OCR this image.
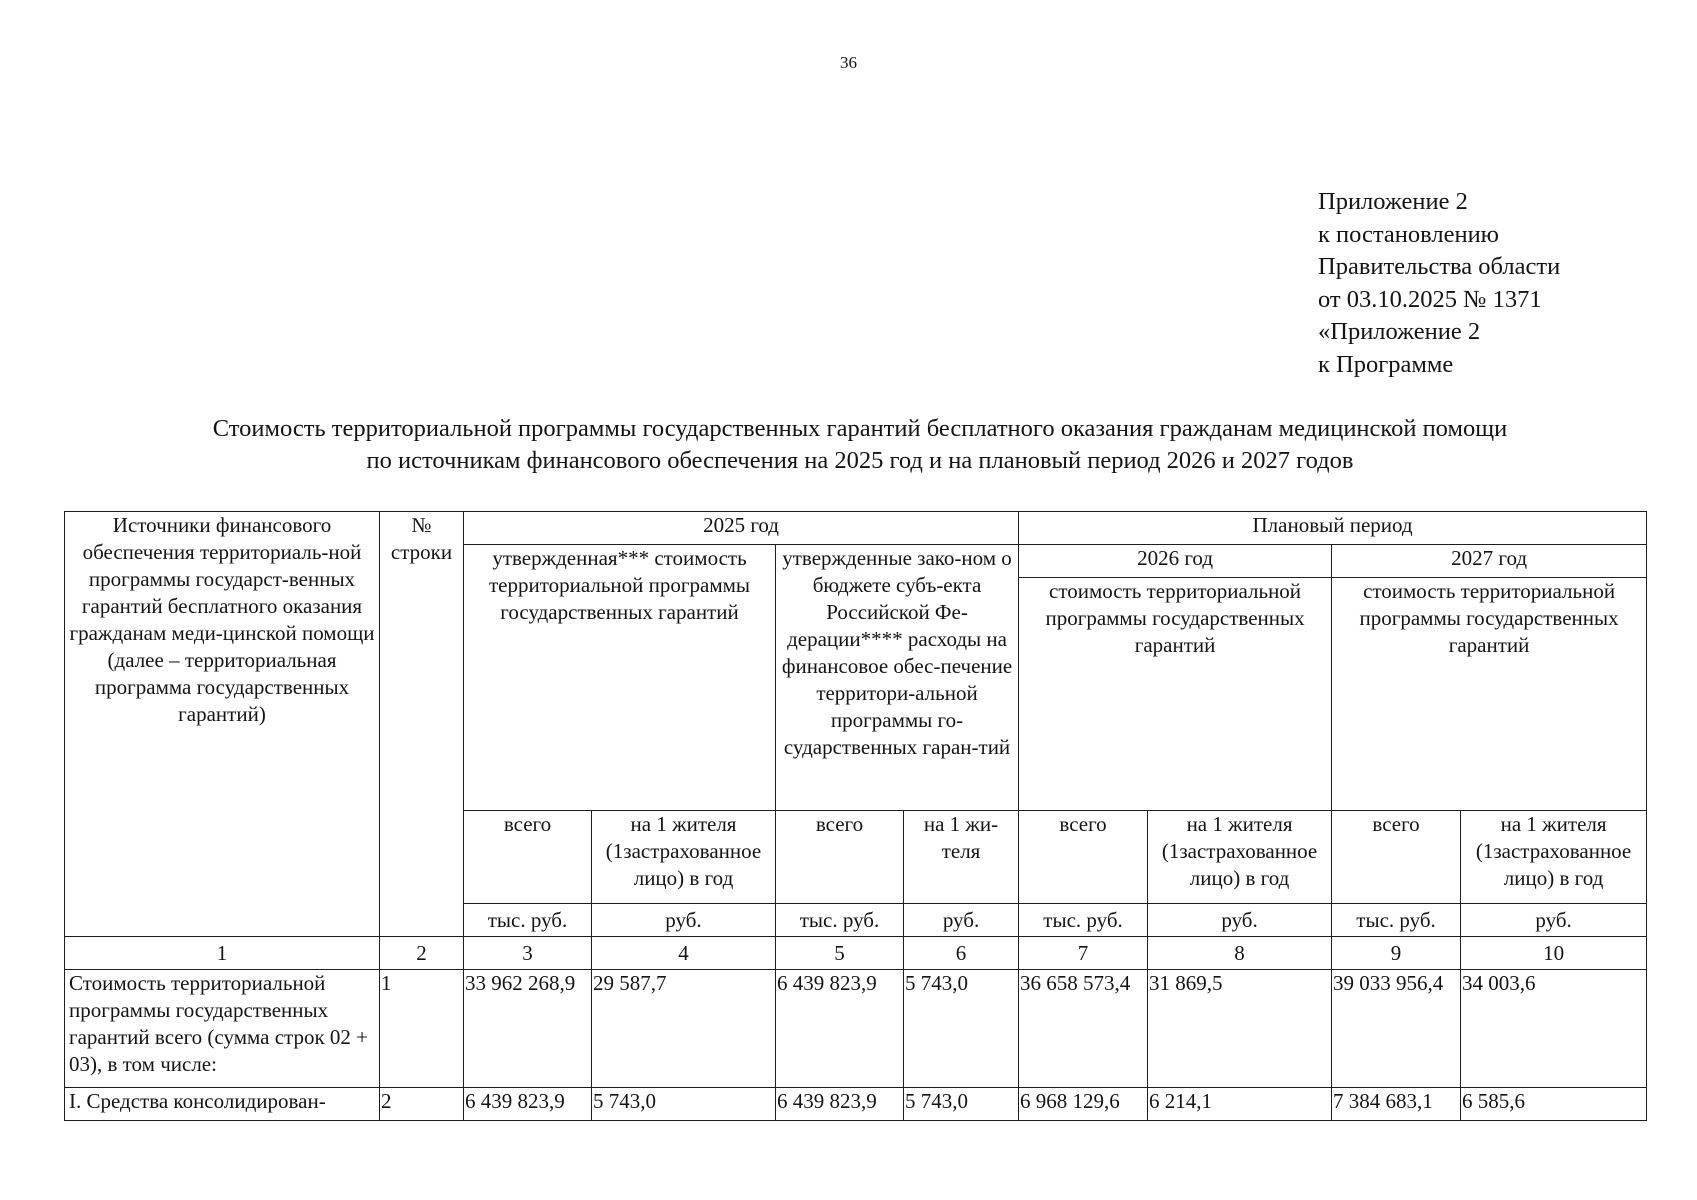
36
Приложение 2
к постановлению
Правительства области
от 03.10.2025 № 1371
«Приложение 2
к Программе
Стоимость территориальной программы государственных гарантий бесплатного оказания гражданам медицинской помощи
по источникам финансового обеспечения на 2025 год и на плановый период 2026 и 2027 годов
Источники финансового обеспечения территориаль-ной программы государст-венных гарантий бесплатного оказания гражданам меди-цинской помощи (далее – территориальная программа государственных гарантий)	№ строки	2025 год				Плановый период			
		утвержденная*** стоимость территориальной программы государственных гарантий		утвержденные зако-ном о бюджете субъ-екта Российской Фе-дерации**** расходы на финансовое обес-печение территори-альной программы го-сударственных гаран-тий		2026 год		2027 год	
						стоимость территориальной программы государственных гарантий		стоимость территориальной программы государственных гарантий	
		всего	на 1 жителя (1застрахованное лицо) в год	всего	на 1 жи-теля	всего	на 1 жителя (1застрахованное лицо) в год	всего	на 1 жителя (1застрахованное лицо) в год
		тыс. руб.	руб.	тыс. руб.	руб.	тыс. руб.	руб.	тыс. руб.	руб.
1	2	3	4	5	6	7	8	9	10
Стоимость территориальной программы государственных гарантий всего (сумма строк 02 + 03), в том числе:	1	33 962 268,9	29 587,7	6 439 823,9	5 743,0	36 658 573,4	31 869,5	39 033 956,4	34 003,6
I. Средства консолидирован-	2	6 439 823,9	5 743,0	6 439 823,9	5 743,0	6 968 129,6	6 214,1	7 384 683,1	6 585,6
